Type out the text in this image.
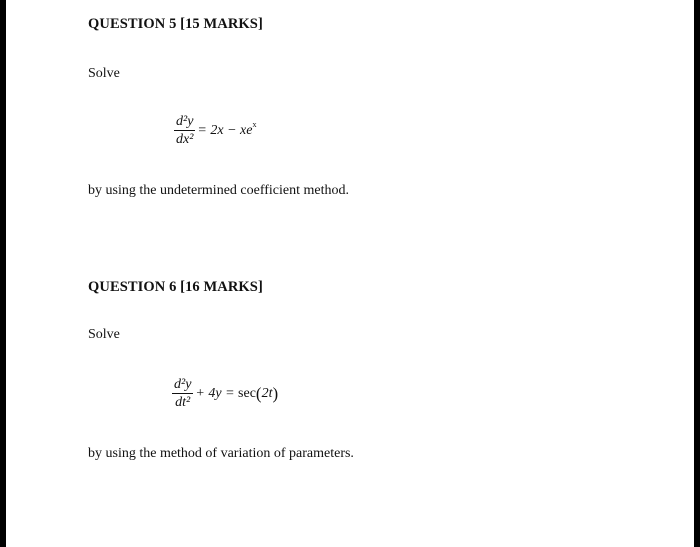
QUESTION 5 [15 MARKS]
Solve
$\frac{\text{d²y}}{\text{dx²}} = 2x$ − xe x
by using the undetermined coefficient method.
QUESTION 6 [16 MARKS]
Solve
$\frac{\text{d²y}}{\text{dt²}} + 4y = \sec$ ( 2t )
by using the method of variation of parameters.
